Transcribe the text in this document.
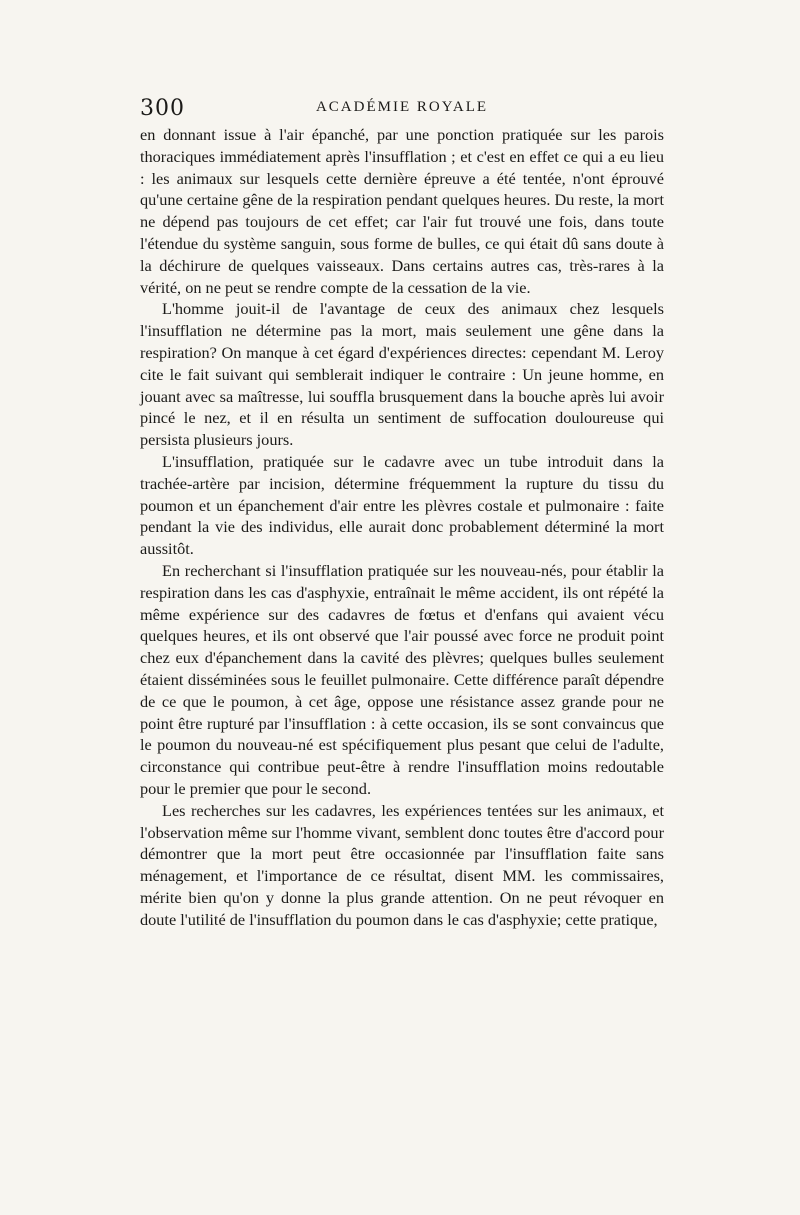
300	ACADÉMIE ROYALE

en donnant issue à l'air épanché, par une ponction pratiquée sur les parois thoraciques immédiatement après l'insufflation ; et c'est en effet ce qui a eu lieu : les animaux sur lesquels cette dernière épreuve a été tentée, n'ont éprouvé qu'une certaine gêne de la respiration pendant quelques heures. Du reste, la mort ne dépend pas toujours de cet effet; car l'air fut trouvé une fois, dans toute l'étendue du système sanguin, sous forme de bulles, ce qui était dû sans doute à la déchirure de quelques vaisseaux. Dans certains autres cas, très-rares à la vérité, on ne peut se rendre compte de la cessation de la vie.

L'homme jouit-il de l'avantage de ceux des animaux chez lesquels l'insufflation ne détermine pas la mort, mais seulement une gêne dans la respiration? On manque à cet égard d'expériences directes: cependant M. Leroy cite le fait suivant qui semblerait indiquer le contraire : Un jeune homme, en jouant avec sa maîtresse, lui souffla brusquement dans la bouche après lui avoir pincé le nez, et il en résulta un sentiment de suffocation douloureuse qui persista plusieurs jours.

L'insufflation, pratiquée sur le cadavre avec un tube introduit dans la trachée-artère par incision, détermine fréquemment la rupture du tissu du poumon et un épanchement d'air entre les plèvres costale et pulmonaire : faite pendant la vie des individus, elle aurait donc probablement déterminé la mort aussitôt.

En recherchant si l'insufflation pratiquée sur les nouveau-nés, pour établir la respiration dans les cas d'asphyxie, entraînait le même accident, ils ont répété la même expérience sur des cadavres de fœtus et d'enfans qui avaient vécu quelques heures, et ils ont observé que l'air poussé avec force ne produit point chez eux d'épanchement dans la cavité des plèvres; quelques bulles seulement étaient disséminées sous le feuillet pulmonaire. Cette différence paraît dépendre de ce que le poumon, à cet âge, oppose une résistance assez grande pour ne point être rupturé par l'insufflation : à cette occasion, ils se sont convaincus que le poumon du nouveau-né est spécifiquement plus pesant que celui de l'adulte, circonstance qui contribue peut-être à rendre l'insufflation moins redoutable pour le premier que pour le second.

Les recherches sur les cadavres, les expériences tentées sur les animaux, et l'observation même sur l'homme vivant, semblent donc toutes être d'accord pour démontrer que la mort peut être occasionnée par l'insufflation faite sans ménagement, et l'importance de ce résultat, disent MM. les commissaires, mérite bien qu'on y donne la plus grande attention. On ne peut révoquer en doute l'utilité de l'insufflation du poumon dans le cas d'asphyxie; cette pratique,
